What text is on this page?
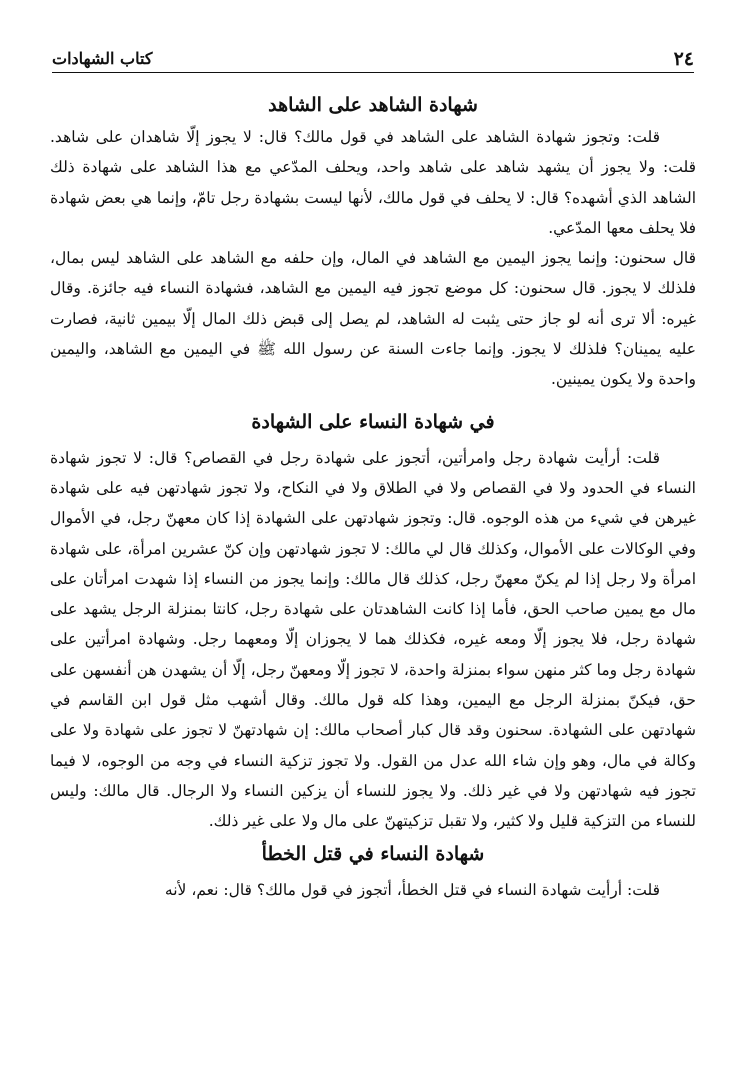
٢٤
كتاب الشهادات
شهادة الشاهد على الشاهد

قلت: وتجوز شهادة الشاهد على الشاهد في قول مالك؟ قال: لا يجوز إلّا شاهدان على شاهد. قلت: ولا يجوز أن يشهد شاهد على شاهد واحد، ويحلف المدّعي مع هذا الشاهد على شهادة ذلك الشاهد الذي أشهده؟ قال: لا يحلف في قول مالك، لأنها ليست بشهادة رجل تامّ، وإنما هي بعض شهادة فلا يحلف معها المدّعي.

قال سحنون: وإنما يجوز اليمين مع الشاهد في المال، وإن حلفه مع الشاهد على الشاهد ليس بمال، فلذلك لا يجوز. قال سحنون: كل موضع تجوز فيه اليمين مع الشاهد، فشهادة النساء فيه جائزة. وقال غيره: ألا ترى أنه لو جاز حتى يثبت له الشاهد، لم يصل إلى قبض ذلك المال إلّا بيمين ثانية، فصارت عليه يمينان؟ فلذلك لا يجوز. وإنما جاءت السنة عن رسول الله ﷺ في اليمين مع الشاهد، واليمين واحدة ولا يكون يمينين.

في شهادة النساء على الشهادة

قلت: أرأيت شهادة رجل وامرأتين، أتجوز على شهادة رجل في القصاص؟ قال: لا تجوز شهادة النساء في الحدود ولا في القصاص ولا في الطلاق ولا في النكاح، ولا تجوز شهادتهن فيه على شهادة غيرهن في شيء من هذه الوجوه. قال: وتجوز شهادتهن على الشهادة إذا كان معهنّ رجل، في الأموال وفي الوكالات على الأموال، وكذلك قال لي مالك: لا تجوز شهادتهن وإن كنّ عشرين امرأة، على شهادة امرأة ولا رجل إذا لم يكنّ معهنّ رجل، كذلك قال مالك: وإنما يجوز من النساء إذا شهدت امرأتان على مال مع يمين صاحب الحق، فأما إذا كانت الشاهدتان على شهادة رجل، كانتا بمنزلة الرجل يشهد على شهادة رجل، فلا يجوز إلّا ومعه غيره، فكذلك هما لا يجوزان إلّا ومعهما رجل. وشهادة امرأتين على شهادة رجل وما كثر منهن سواء بمنزلة واحدة، لا تجوز إلّا ومعهنّ رجل، إلّا أن يشهدن هن أنفسهن على حق، فيكنّ بمنزلة الرجل مع اليمين، وهذا كله قول مالك. وقال أشهب مثل قول ابن القاسم في شهادتهن على الشهادة. سحنون وقد قال كبار أصحاب مالك: إن شهادتهنّ لا تجوز على شهادة ولا على وكالة في مال، وهو وإن شاء الله عدل من القول. ولا تجوز تزكية النساء في وجه من الوجوه، لا فيما تجوز فيه شهادتهن ولا في غير ذلك. ولا يجوز للنساء أن يزكين النساء ولا الرجال. قال مالك: وليس للنساء من التزكية قليل ولا كثير، ولا تقبل تزكيتهنّ على مال ولا على غير ذلك.

شهادة النساء في قتل الخطأ

قلت: أرأيت شهادة النساء في قتل الخطأ، أتجوز في قول مالك؟ قال: نعم، لأنه
